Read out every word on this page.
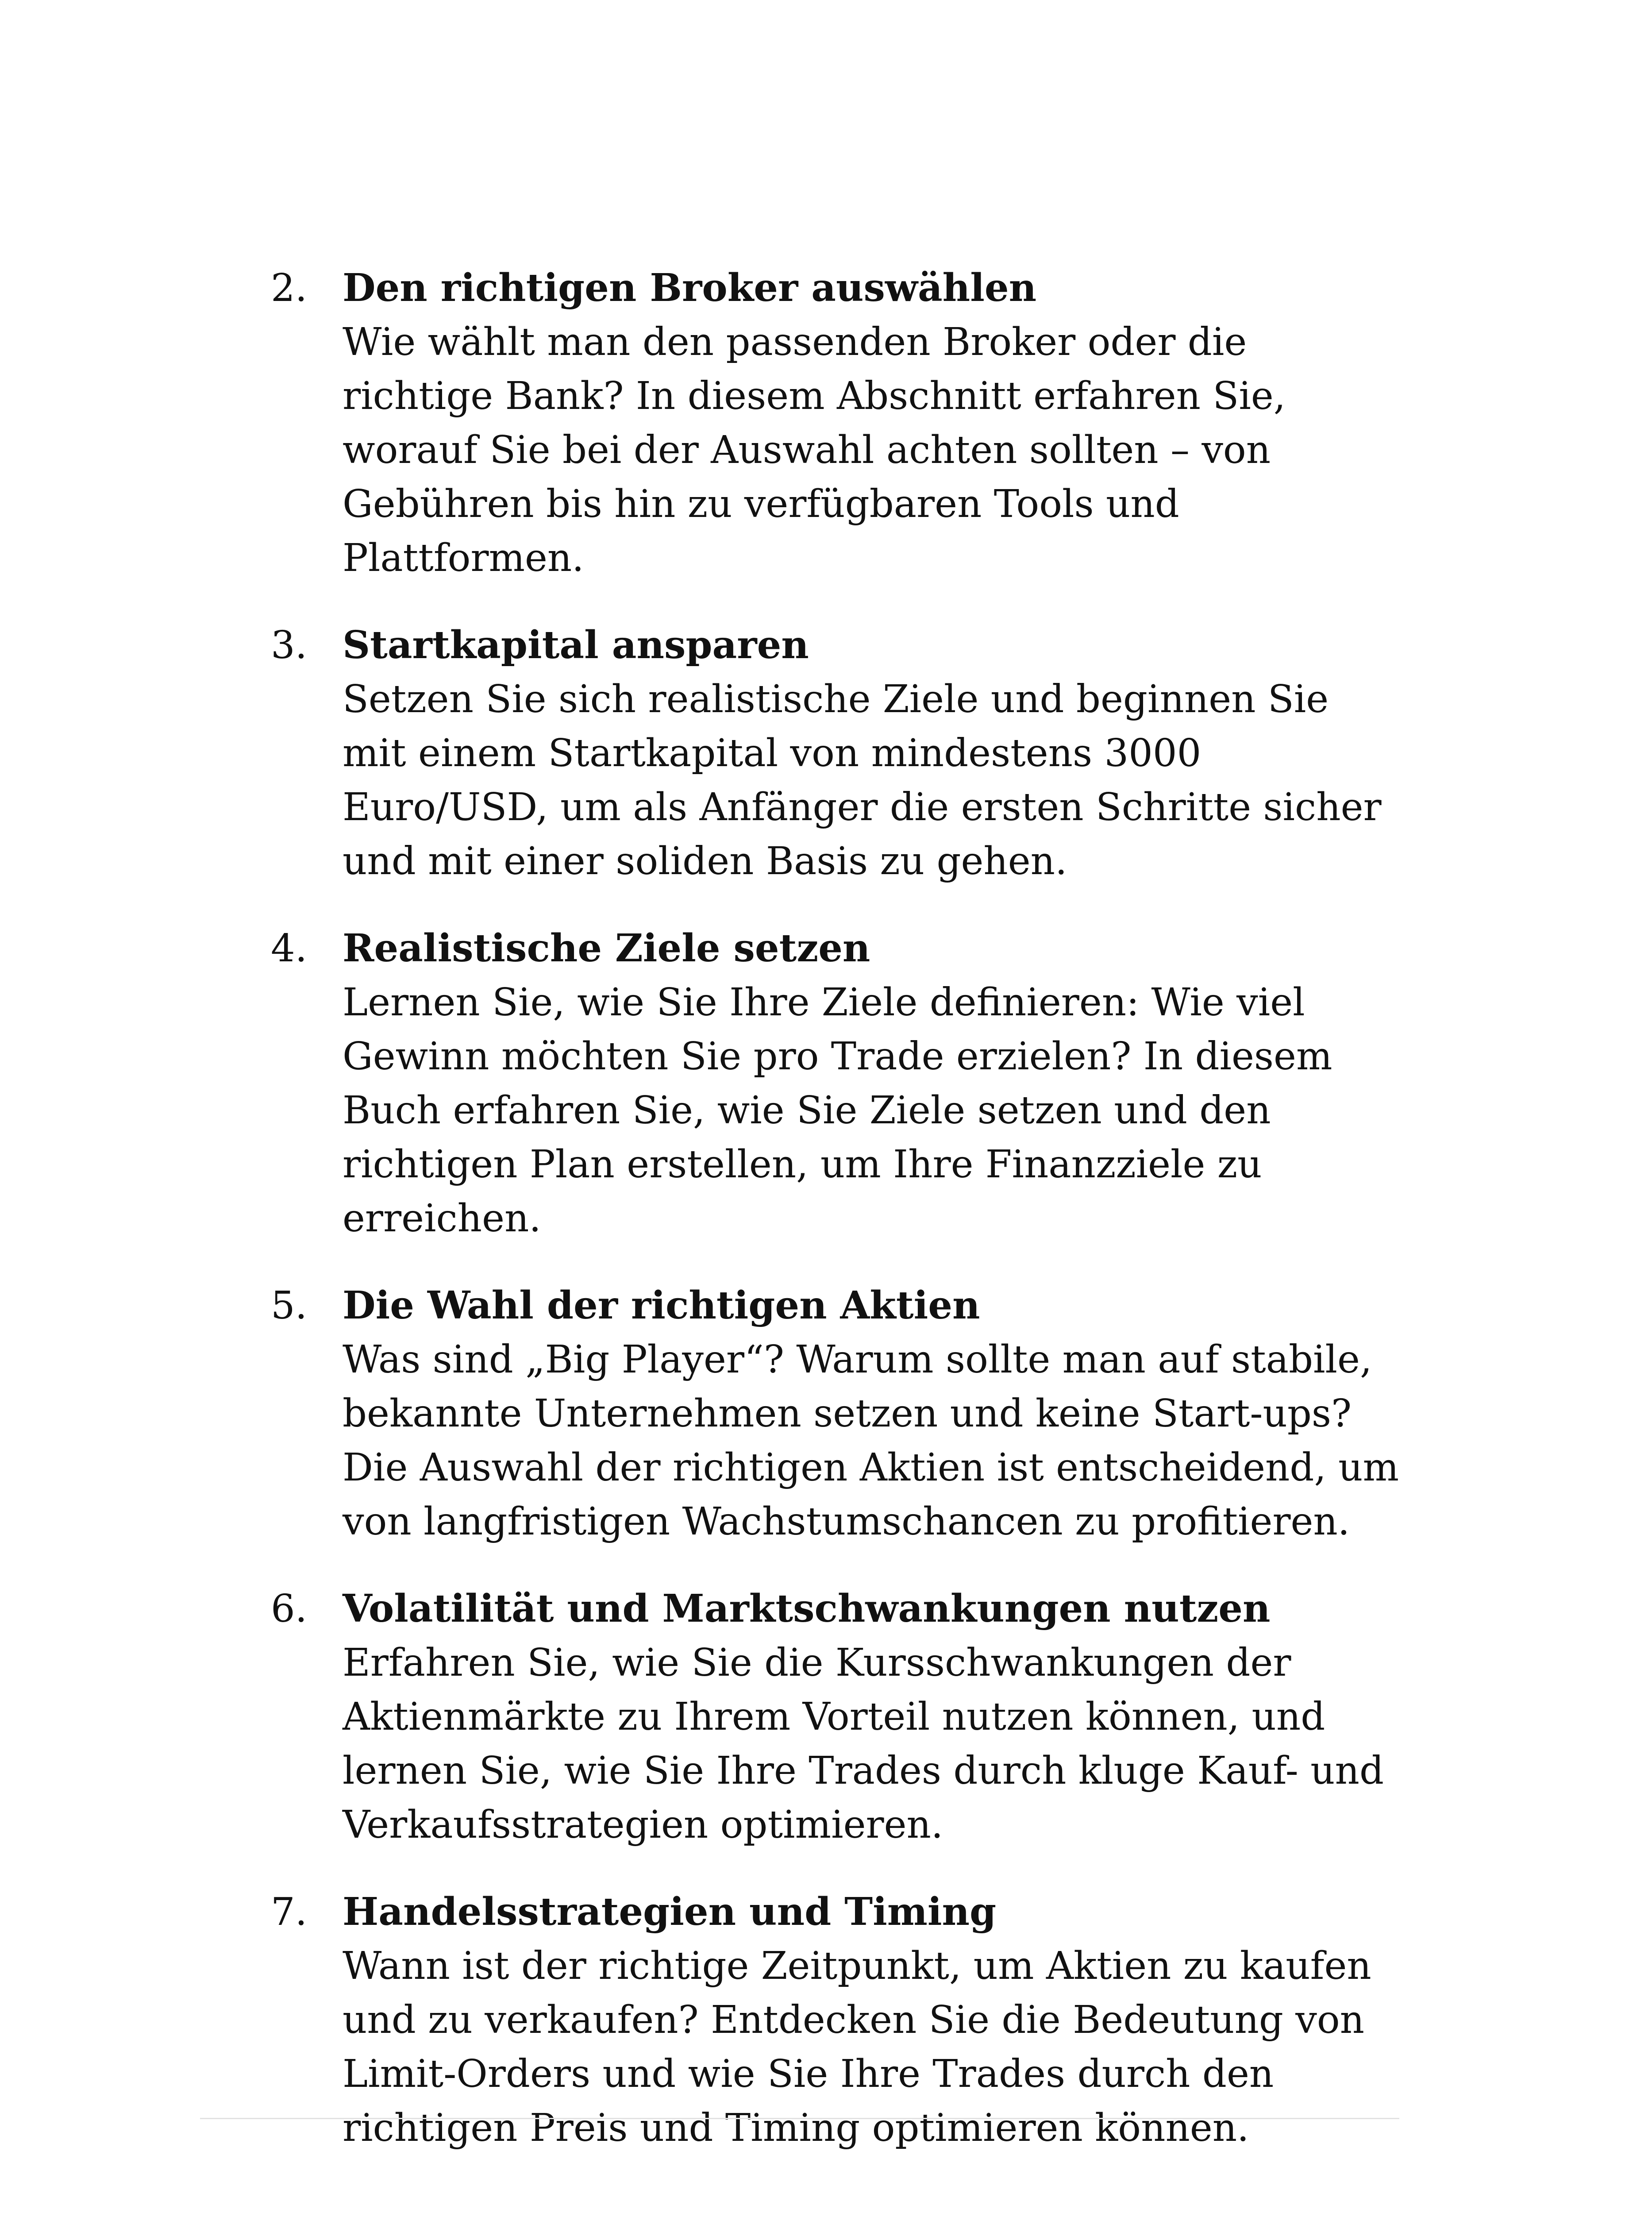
2. Den richtigen Broker auswählen

Wie wählt man den passenden Broker oder die richtige Bank? In diesem Abschnitt erfahren Sie, worauf Sie bei der Auswahl achten sollten – von Gebühren bis hin zu verfügbaren Tools und Plattformen.

3. Startkapital ansparen

Setzen Sie sich realistische Ziele und beginnen Sie mit einem Startkapital von mindestens 3000 Euro/USD, um als Anfänger die ersten Schritte sicher und mit einer soliden Basis zu gehen.

4. Realistische Ziele setzen

Lernen Sie, wie Sie Ihre Ziele definieren: Wie viel Gewinn möchten Sie pro Trade erzielen? In diesem Buch erfahren Sie, wie Sie Ziele setzen und den richtigen Plan erstellen, um Ihre Finanzziele zu erreichen.

5. Die Wahl der richtigen Aktien

Was sind „Big Player“? Warum sollte man auf stabile, bekannte Unternehmen setzen und keine Start-ups? Die Auswahl der richtigen Aktien ist entscheidend, um von langfristigen Wachstumschancen zu profitieren.

6. Volatilität und Marktschwankungen nutzen

Erfahren Sie, wie Sie die Kursschwankungen der Aktienmärkte zu Ihrem Vorteil nutzen können, und lernen Sie, wie Sie Ihre Trades durch kluge Kauf- und Verkaufsstrategien optimieren.

7. Handelsstrategien und Timing

Wann ist der richtige Zeitpunkt, um Aktien zu kaufen und zu verkaufen? Entdecken Sie die Bedeutung von Limit-Orders und wie Sie Ihre Trades durch den richtigen Preis und Timing optimieren können.
